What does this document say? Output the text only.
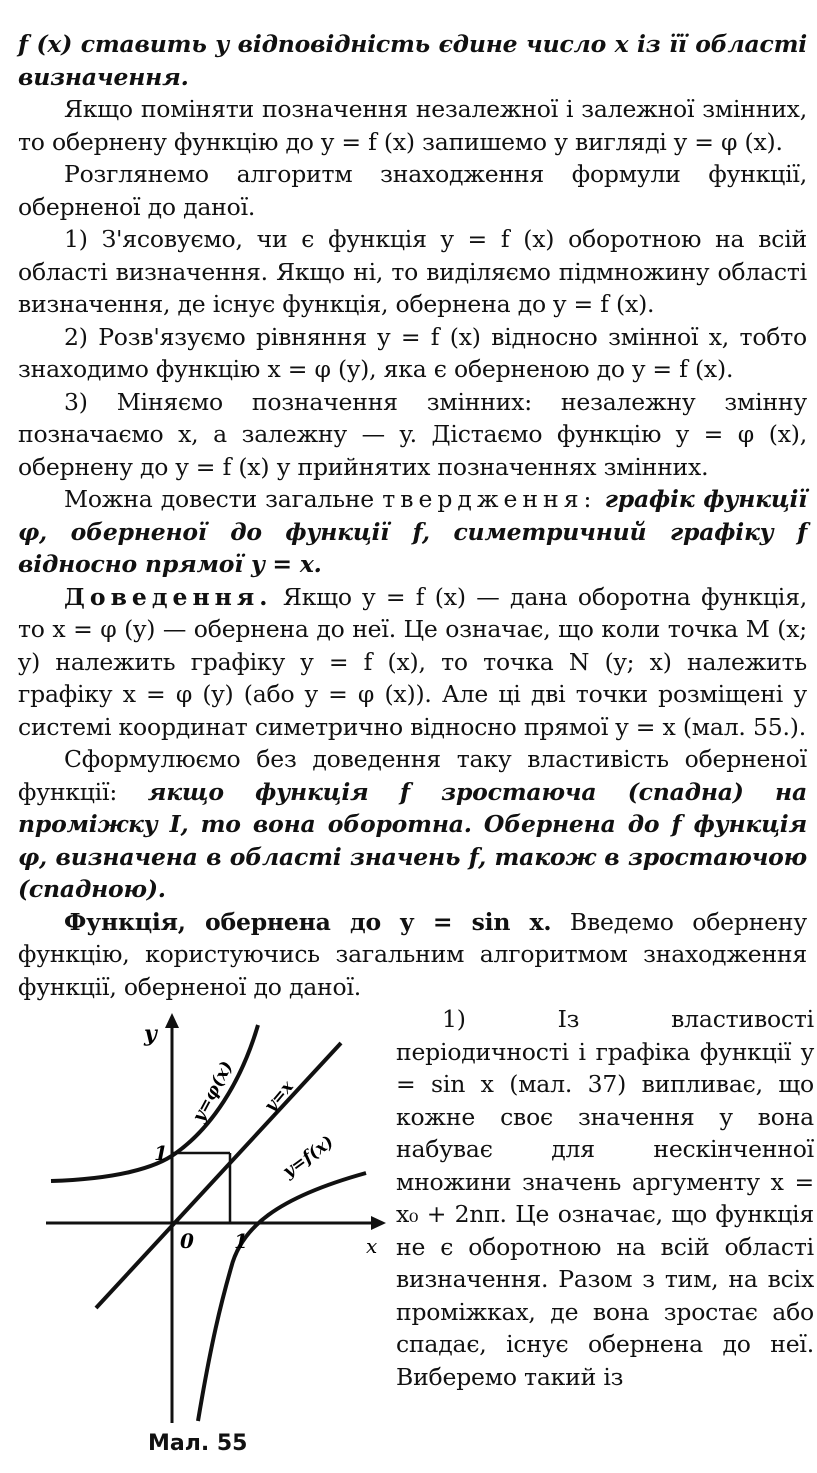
f (x) ставить у відповідність єдине число x із її області визначення.

Якщо поміняти позначення незалежної і залежної змінних, то обернену функцію до y = f (x) запишемо у вигляді y = φ (x).

Розглянемо алгоритм знаходження формули функції, оберненої до даної.

1) З'ясовуємо, чи є функція y = f (x) оборотною на всій області визначення. Якщо ні, то виділяємо підмножину області визначення, де існує функція, обернена до y = f (x).

2) Розв'язуємо рівняння y = f (x) відносно змінної x, тобто знаходимо функцію x = φ (y), яка є оберненою до y = f (x).

3) Міняємо позначення змінних: незалежну змінну позначаємо x, а залежну — y. Дістаємо функцію y = φ (x), обернену до y = f (x) у прийнятих позначеннях змінних.

Можна довести загальне твердження: графік функції φ, оберненої до функції f, симетричний графіку f відносно прямої y = x.

Доведення. Якщо y = f (x) — дана оборотна функція, то x = φ (y) — обернена до неї. Це означає, що коли точка M (x; y) належить графіку y = f (x), то точка N (y; x) належить графіку x = φ (y) (або y = φ (x)). Але ці дві точки розміщені у системі координат симетрично відносно прямої y = x (мал. 55.).

Сформулюємо без доведення таку властивість оберненої функції: якщо функція f зростаюча (спадна) на проміжку I, то вона оборотна. Обернена до f функція φ, визначена в області значень f, також в зростаючою (спадною).

Функція, обернена до y = sin x. Введемо обернену функцію, користуючись загальним алгоритмом знаходження функції, оберненої до даної.

y
x
0 1
1
y=φ(x) y=x
y=f(x)
Мал. 55

1) Із властивості періодичності і графіка функції y = sin x (мал. 37) випливає, що кожне своє значення y вона набуває для нескінченної множини значень аргументу x = x₀ + 2nπ. Це означає, що функція не є оборотною на всій області визначення. Разом з тим, на всіх проміжках, де вона зростає або спадає, існує обернена до неї. Виберемо такий із
